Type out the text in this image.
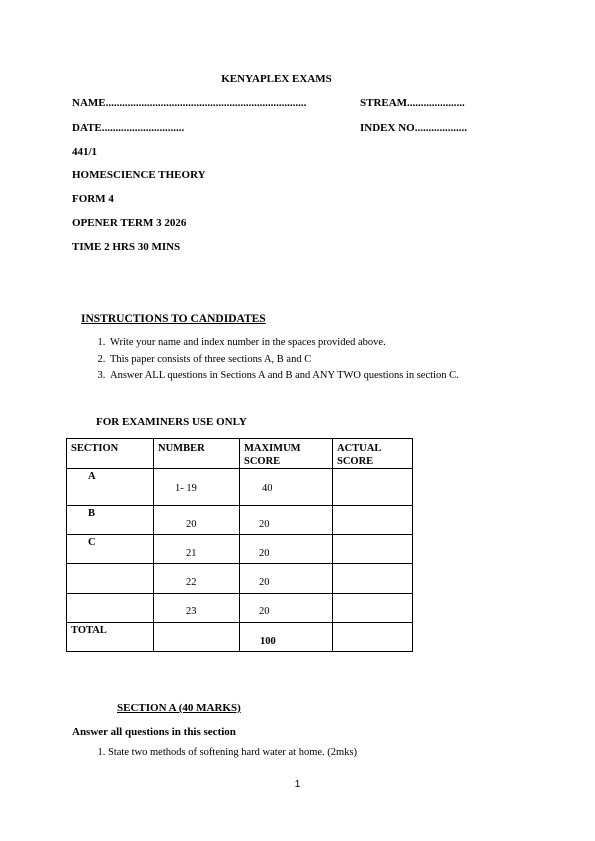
KENYAPLEX EXAMS
NAME.........................................................................	STREAM.....................
DATE..............................	INDEX NO...................
441/1
HOMESCIENCE THEORY
FORM 4
OPENER TERM 3 2026
TIME 2 HRS 30 MINS
INSTRUCTIONS TO CANDIDATES
1. Write your name and index number in the spaces provided above.
2. This paper consists of three sections A, B and C
3. Answer ALL questions in Sections A and B and ANY TWO questions in section C.
FOR EXAMINERS USE ONLY
SECTION	NUMBER	MAXIMUM SCORE	ACTUAL SCORE

A	1- 19	40	

B	20	20	

C	21	20	

	22	20	

	23	20	

TOTAL		100	

SECTION A (40 MARKS)
Answer all questions in this section
1. State two methods of softening hard water at home. (2mks)
1
